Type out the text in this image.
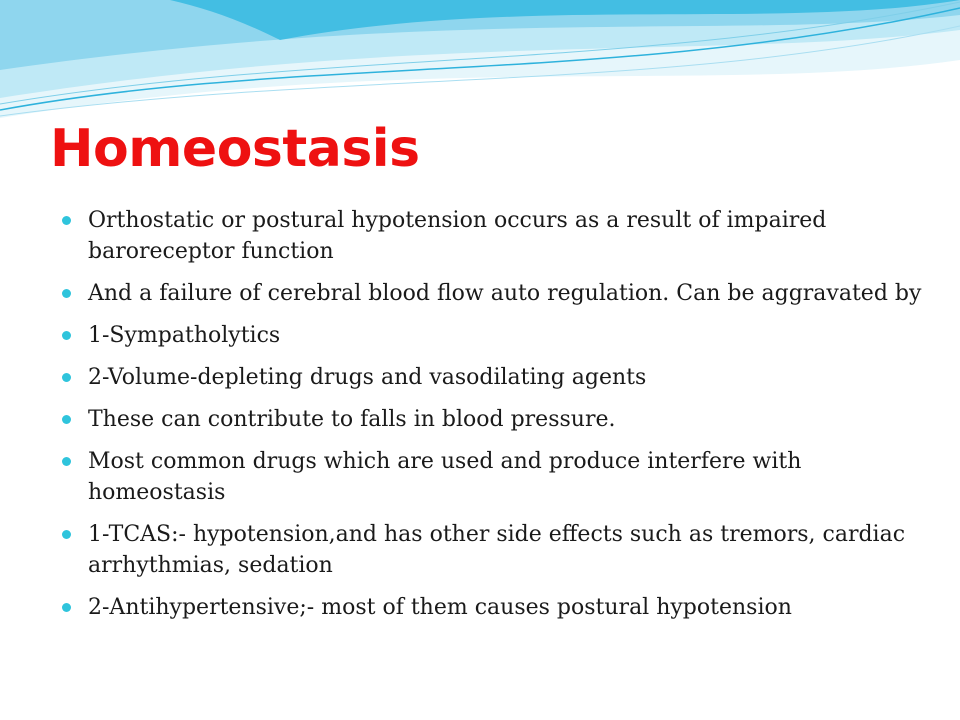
Homeostasis
Orthostatic or postural hypotension occurs as a result of impaired baroreceptor function
And a failure of cerebral blood flow auto regulation. Can be aggravated by
1-Sympatholytics
2-Volume-depleting drugs and vasodilating agents
These can contribute to falls in blood pressure.
Most common drugs which are used and produce interfere with homeostasis
1-TCAS:- hypotension,and has other side effects such as tremors, cardiac arrhythmias, sedation
2-Antihypertensive;- most of them causes postural hypotension
